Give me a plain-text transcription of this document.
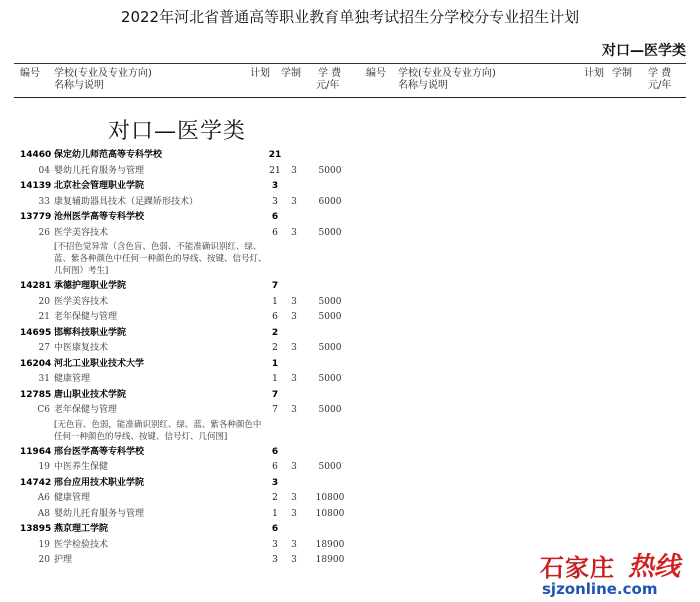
2022年河北省普通高等职业教育单独考试招生分学校分专业招生计划
对口—医学类
编号 学校(专业及专业方向)
名称与说明
计划 学制 学 费
元/年
编号 学校(专业及专业方向)
名称与说明
计划 学制 学 费
元/年
对口—医学类
14460 保定幼儿师范高等专科学校	21
04 婴幼儿托育服务与管理	21	3	5000
14139 北京社会管理职业学院	3
33 康复辅助器具技术（足踝矫形技术）	3	3	6000
13779 沧州医学高等专科学校	6
26 医学美容技术	6	3	5000
[不招色觉异常（含色盲、色弱、不能准确识别红、绿、蓝、紫各种颜色中任何一种颜色的导线、按键、信号灯、几何图）考生]
14281 承德护理职业学院	7
20 医学美容技术	1	3	5000
21 老年保健与管理	6	3	5000
14695 邯郸科技职业学院	2
27 中医康复技术	2	3	5000
16204 河北工业职业技术大学	1
31 健康管理	1	3	5000
12785 唐山职业技术学院	7
C6 老年保健与管理	7	3	5000
[无色盲、色弱，能准确识别红、绿、蓝、紫各种颜色中任何一种颜色的导线、按键、信号灯、几何图]
11964 邢台医学高等专科学校	6
19 中医养生保健	6	3	5000
14742 邢台应用技术职业学院	3
A6 健康管理	2	3	10800
A8 婴幼儿托育服务与管理	1	3	10800
13895 燕京理工学院	6
19 医学检验技术	3	3	18900
20 护理	3	3	18900	石家庄 热线
sjzonline.com
